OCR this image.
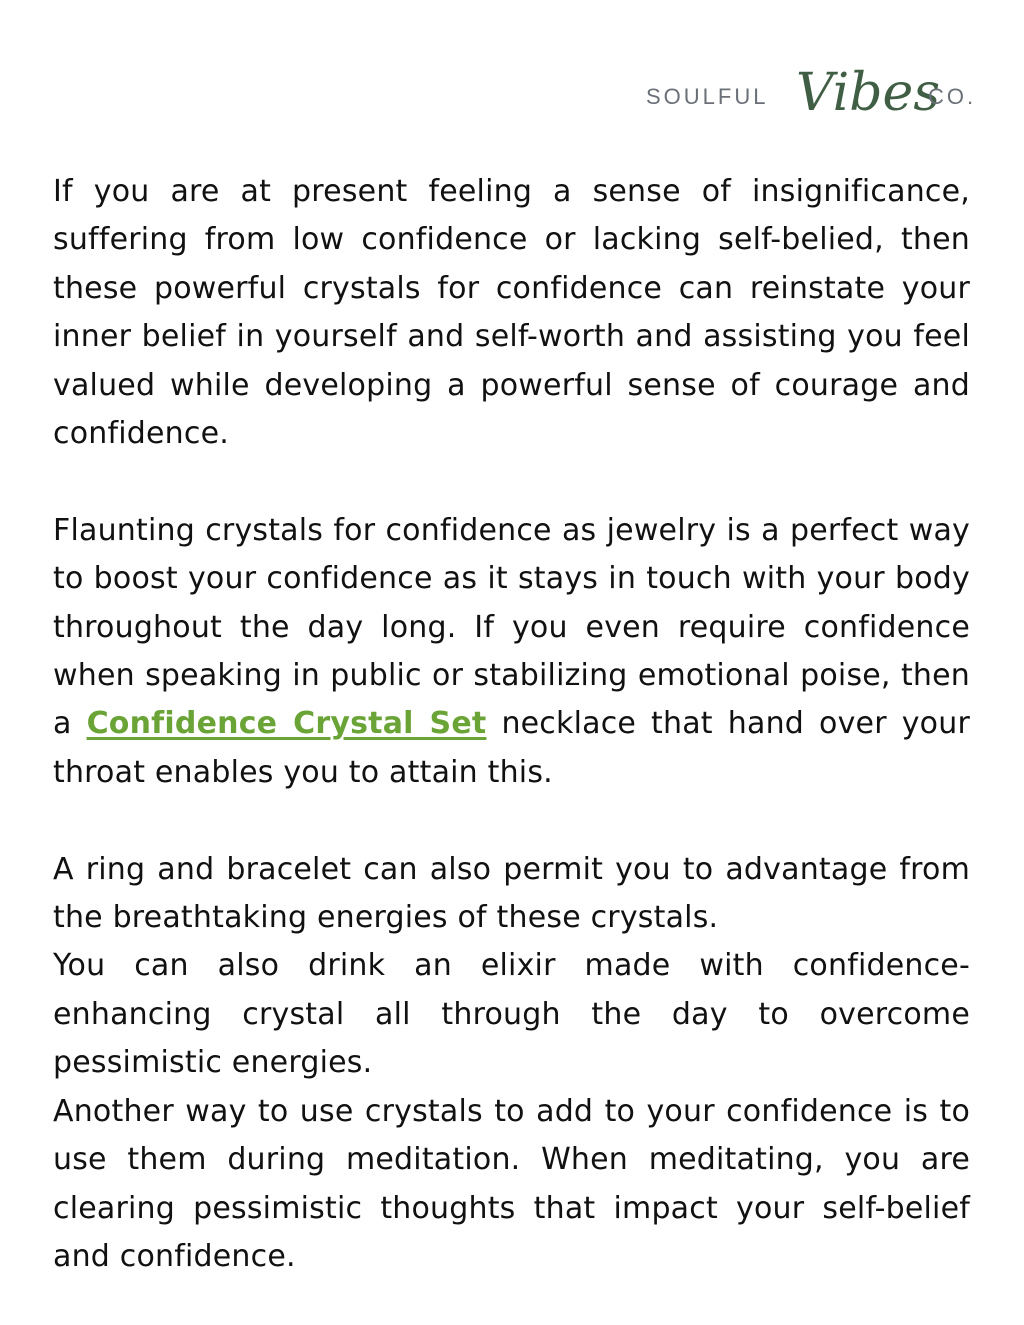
SOULFUL Vibes
CO.

If you are at present feeling a sense of insignificance, suffering from low confidence or lacking self-belied, then these powerful crystals for confidence can reinstate your inner belief in yourself and self-worth and assisting you feel valued while developing a powerful sense of courage and confidence.

Flaunting crystals for confidence as jewelry is a perfect way to boost your confidence as it stays in touch with your body throughout the day long. If you even require confidence when speaking in public or stabilizing emotional poise, then a Confidence Crystal Set necklace that hand over your throat enables you to attain this.

A ring and bracelet can also permit you to advantage from the breathtaking energies of these crystals.

You can also drink an elixir made with confidence-enhancing crystal all through the day to overcome pessimistic energies.

Another way to use crystals to add to your confidence is to use them during meditation. When meditating, you are clearing pessimistic thoughts that impact your self-belief and confidence.
